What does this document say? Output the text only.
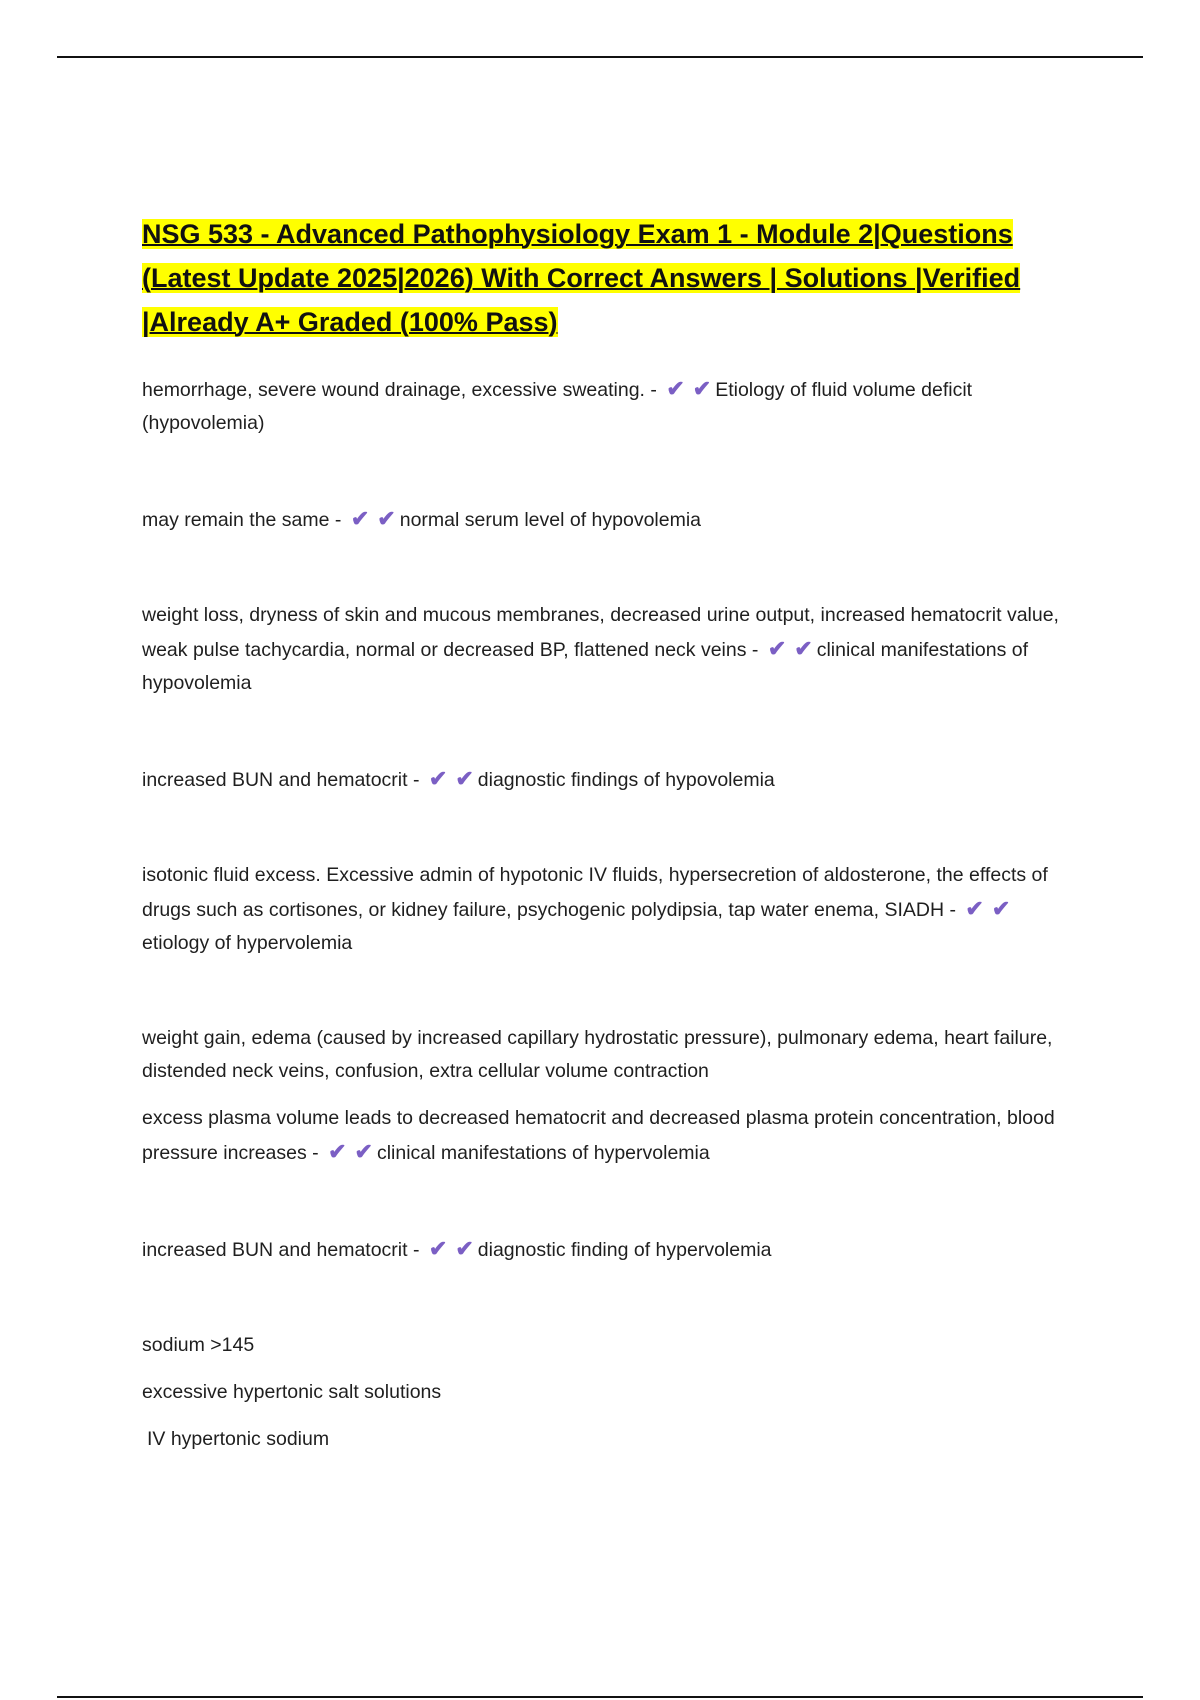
NSG 533 - Advanced Pathophysiology Exam 1 - Module 2|Questions (Latest Update 2025|2026) With Correct Answers | Solutions |Verified |Already A+ Graded (100% Pass)

hemorrhage, severe wound drainage, excessive sweating. - ✔ ✔ Etiology of fluid volume deficit (hypovolemia)

may remain the same - ✔ ✔ normal serum level of hypovolemia

weight loss, dryness of skin and mucous membranes, decreased urine output, increased hematocrit value, weak pulse tachycardia, normal or decreased BP, flattened neck veins - ✔ ✔ clinical manifestations of hypovolemia

increased BUN and hematocrit - ✔ ✔ diagnostic findings of hypovolemia

isotonic fluid excess. Excessive admin of hypotonic IV fluids, hypersecretion of aldosterone, the effects of drugs such as cortisones, or kidney failure, psychogenic polydipsia, tap water enema, SIADH - ✔ ✔etiology of hypervolemia

weight gain, edema (caused by increased capillary hydrostatic pressure), pulmonary edema, heart failure, distended neck veins, confusion, extra cellular volume contraction

excess plasma volume leads to decreased hematocrit and decreased plasma protein concentration, blood pressure increases - ✔ ✔ clinical manifestations of hypervolemia

increased BUN and hematocrit - ✔ ✔ diagnostic finding of hypervolemia

sodium >145

excessive hypertonic salt solutions

IV hypertonic sodium
